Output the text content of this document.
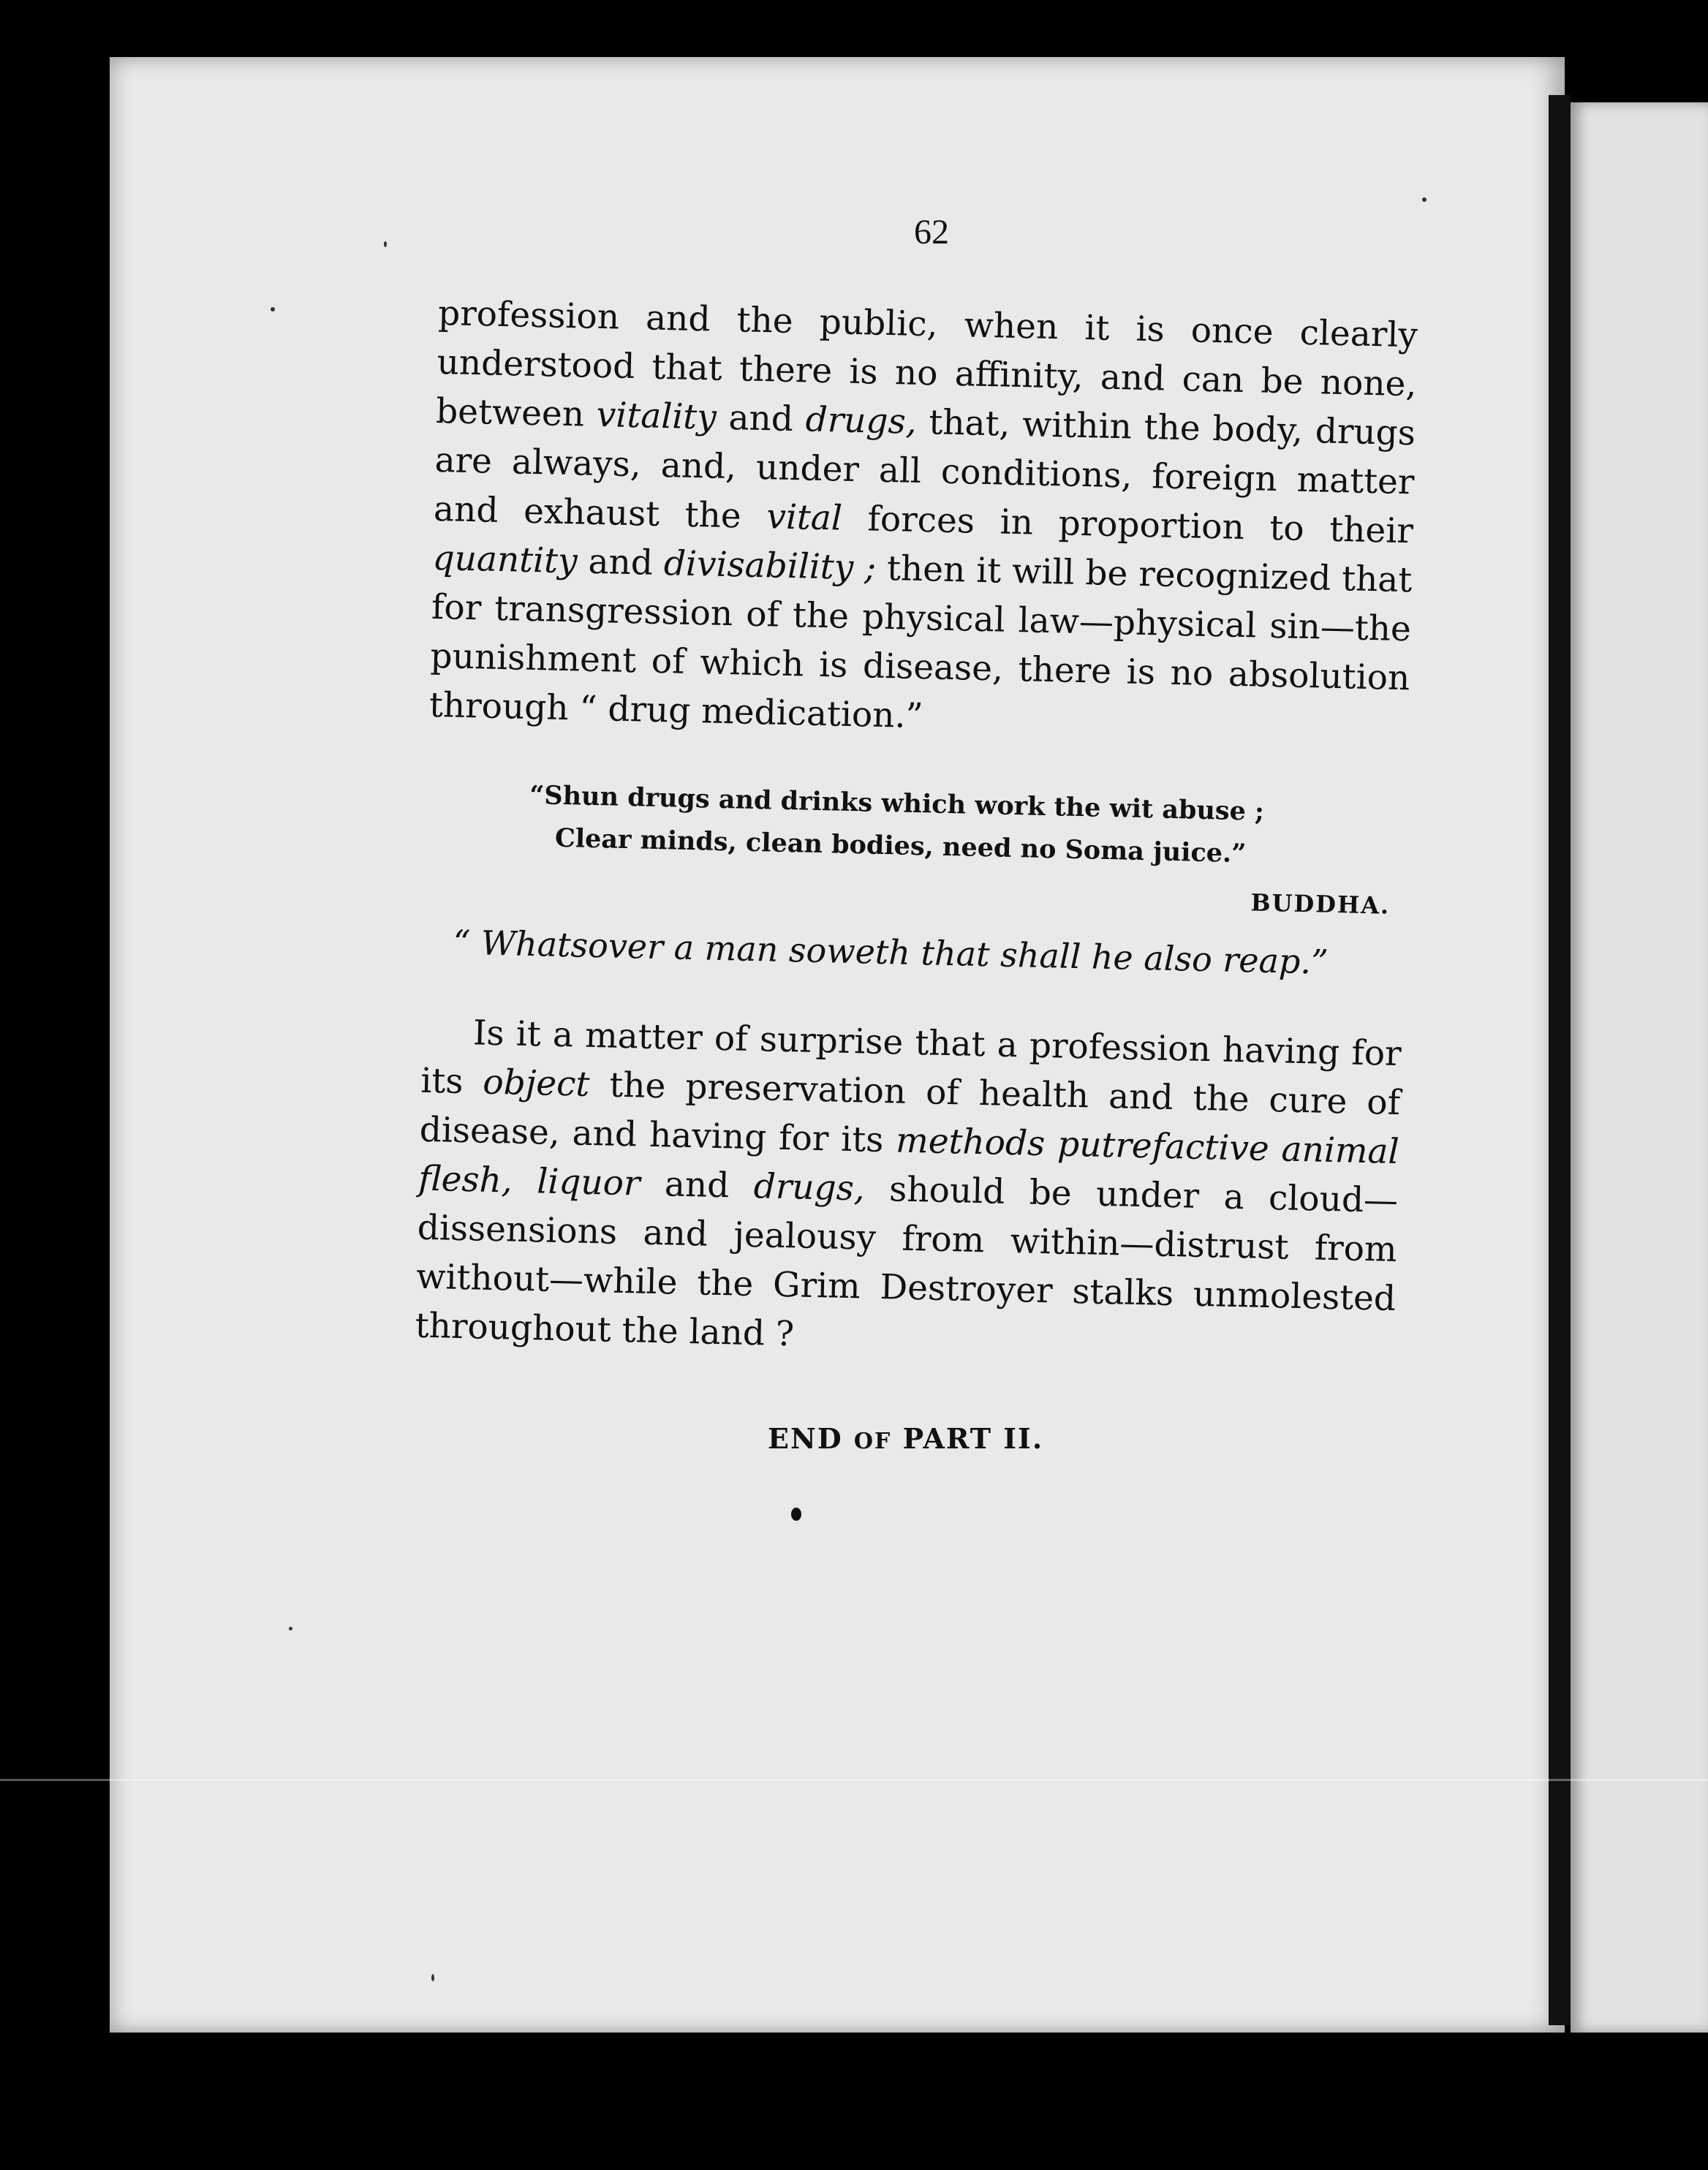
62

profession and the public, when it is once clearly understood that there is no affinity, and can be none, between vitality and drugs, that, within the body, drugs are always, and, under all conditions, foreign matter and exhaust the vital forces in proportion to their quantity and divisability ; then it will be recognized that for transgression of the physical law—physical sin—the punishment of which is disease, there is no absolution through “ drug medication.”

“Shun drugs and drinks which work the wit abuse ;
Clear minds, clean bodies, need no Soma juice.”
BUDDHA.
“ Whatsover a man soweth that shall he also reap.”

Is it a matter of surprise that a profession having for its object the preservation of health and the cure of disease, and having for its methods putrefactive animal flesh, liquor and drugs, should be under a cloud—dissensions and jealousy from within—distrust from without—while the Grim Destroyer stalks unmolested throughout the land ?

END OF PART II.
